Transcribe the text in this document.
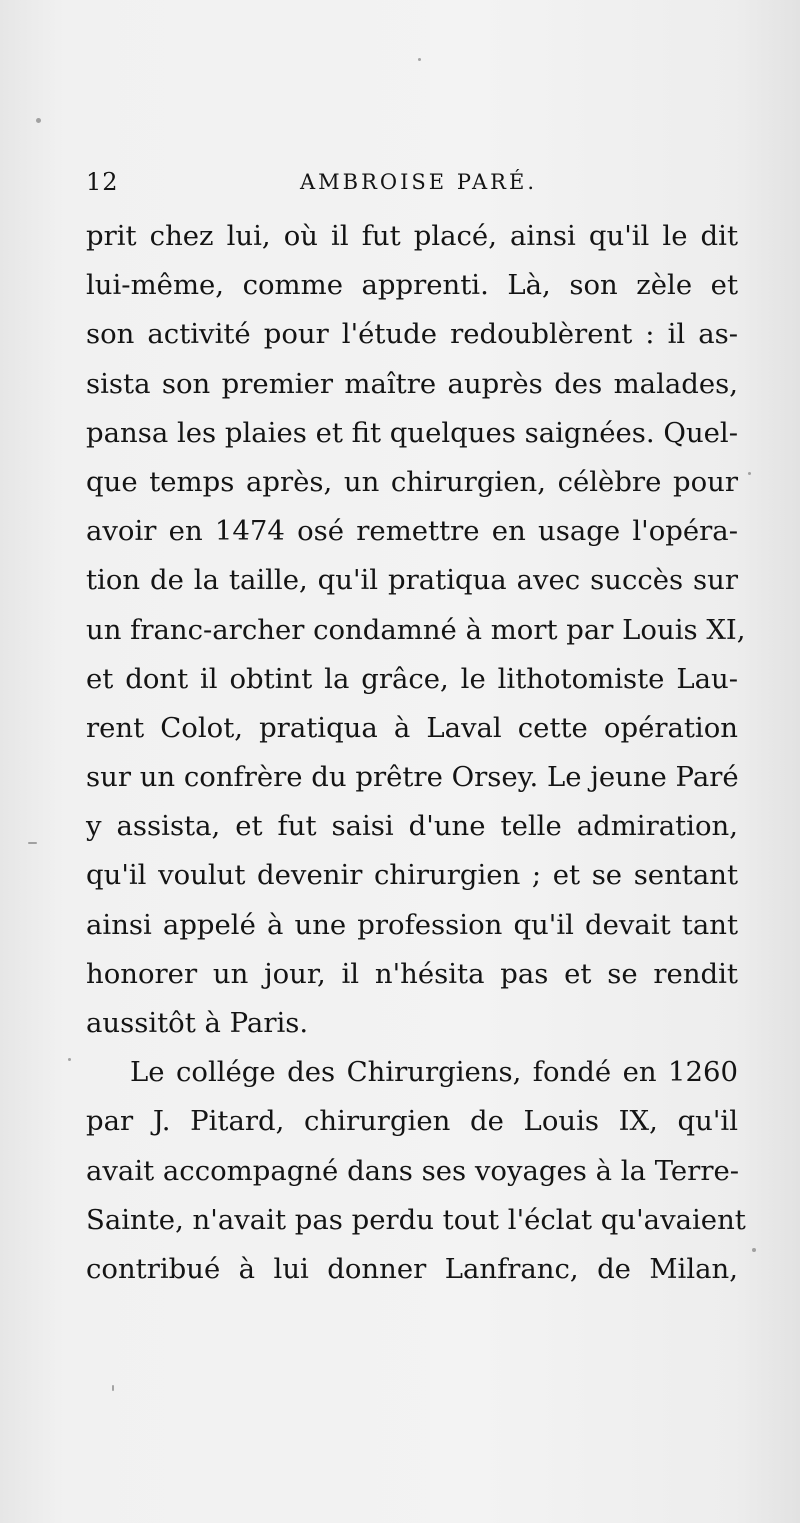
12	AMBROISE PARÉ.
prit chez lui, où il fut placé, ainsi qu'il le dit
lui-même, comme apprenti. Là, son zèle et
son activité pour l'étude redoublèrent : il as-
sista son premier maître auprès des malades,
pansa les plaies et fit quelques saignées. Quel-
que temps après, un chirurgien, célèbre pour
avoir en 1474 osé remettre en usage l'opéra-
tion de la taille, qu'il pratiqua avec succès sur
un franc-archer condamné à mort par Louis XI,
et dont il obtint la grâce, le lithotomiste Lau-
rent Colot, pratiqua à Laval cette opération
sur un confrère du prêtre Orsey. Le jeune Paré
y assista, et fut saisi d'une telle admiration,
qu'il voulut devenir chirurgien ; et se sentant
ainsi appelé à une profession qu'il devait tant
honorer un jour, il n'hésita pas et se rendit
aussitôt à Paris.
Le collége des Chirurgiens, fondé en 1260
par J. Pitard, chirurgien de Louis IX, qu'il
avait accompagné dans ses voyages à la Terre-
Sainte, n'avait pas perdu tout l'éclat qu'avaient
contribué à lui donner Lanfranc, de Milan,
